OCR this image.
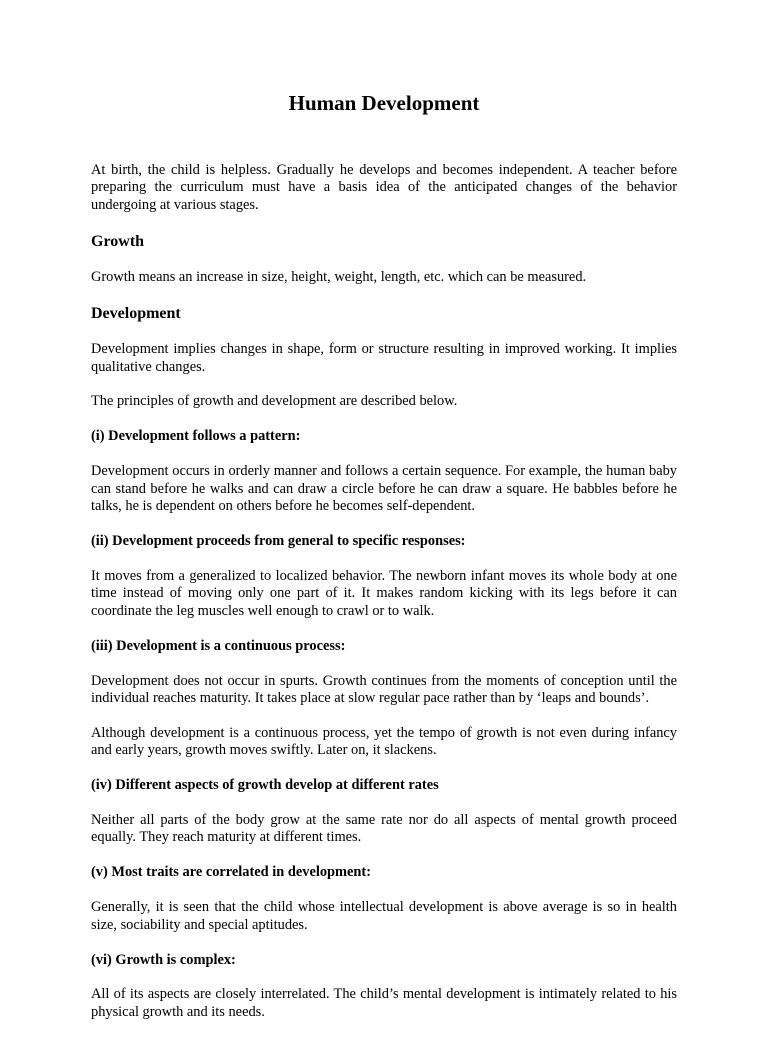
Human Development

At birth, the child is helpless. Gradually he develops and becomes independent. A teacher before preparing the curriculum must have a basis idea of the anticipated changes of the behavior undergoing at various stages.

Growth

Growth means an increase in size, height, weight, length, etc. which can be measured.

Development

Development implies changes in shape, form or structure resulting in improved working. It implies qualitative changes.

The principles of growth and development are described below.

(i) Development follows a pattern:

Development occurs in orderly manner and follows a certain sequence. For example, the human baby can stand before he walks and can draw a circle before he can draw a square. He babbles before he talks, he is dependent on others before he becomes self-dependent.

(ii) Development proceeds from general to specific responses:

It moves from a generalized to localized behavior. The newborn infant moves its whole body at one time instead of moving only one part of it. It makes random kicking with its legs before it can coordinate the leg muscles well enough to crawl or to walk.

(iii) Development is a continuous process:

Development does not occur in spurts. Growth continues from the moments of conception until the individual reaches maturity. It takes place at slow regular pace rather than by ‘leaps and bounds’.

Although development is a continuous process, yet the tempo of growth is not even during infancy and early years, growth moves swiftly. Later on, it slackens.

(iv) Different aspects of growth develop at different rates

Neither all parts of the body grow at the same rate nor do all aspects of mental growth proceed equally. They reach maturity at different times.

(v) Most traits are correlated in development:

Generally, it is seen that the child whose intellectual development is above average is so in health size, sociability and special aptitudes.

(vi) Growth is complex:

All of its aspects are closely interrelated. The child’s mental development is intimately related to his physical growth and its needs.
